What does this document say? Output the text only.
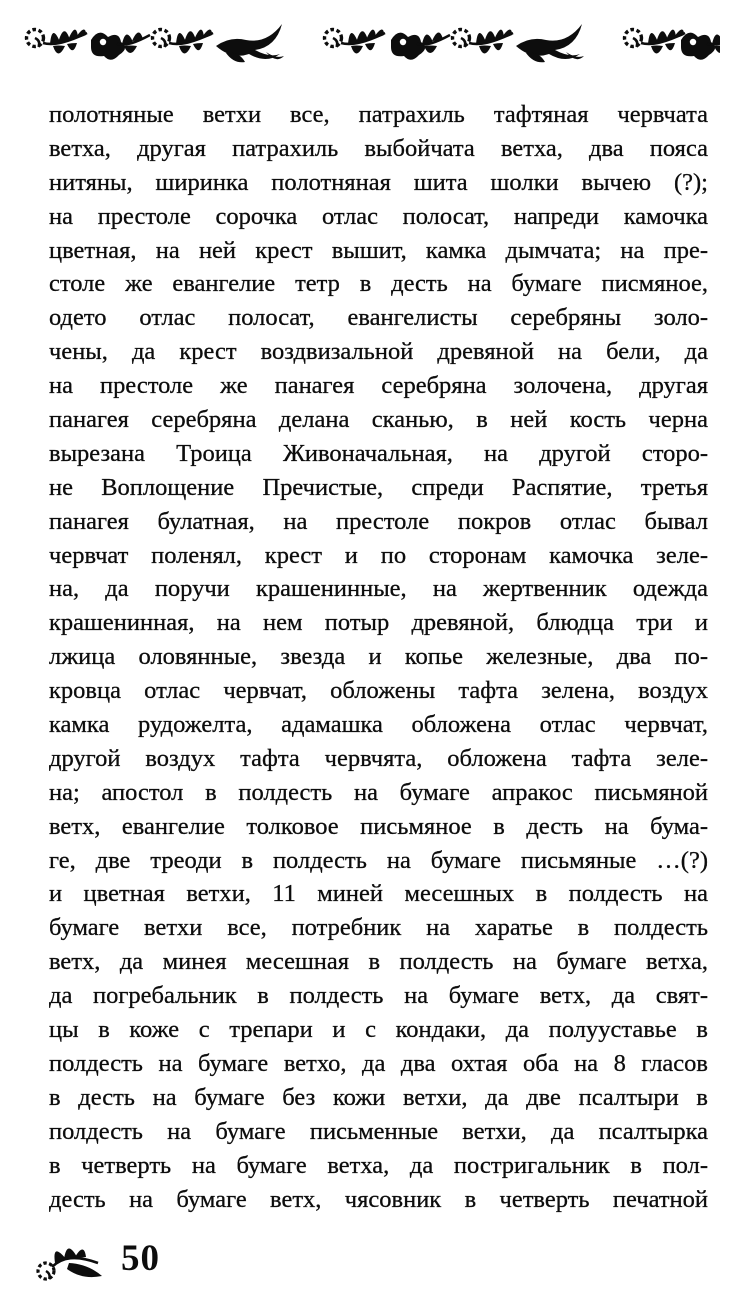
полотняные ветхи все, патрахиль тафтяная червчата
ветха, другая патрахиль выбойчата ветха, два пояса
нитяны, ширинка полотняная шита шолки вычею (?);
на престоле сорочка отлас полосат, напреди камочка
цветная, на ней крест вышит, камка дымчата; на пре-
столе же евангелие тетр в десть на бумаге писмяное,
одето отлас полосат, евангелисты серебряны золо-
чены, да крест воздвизальной древяной на бели, да
на престоле же панагея серебряна золочена, другая
панагея серебряна делана сканью, в ней кость черна
вырезана Троица Живоначальная, на другой сторо-
не Воплощение Пречистые, спреди Распятие, третья
панагея булатная, на престоле покров отлас бывал
червчат поленял, крест и по сторонам камочка зеле-
на, да поручи крашенинные, на жертвенник одежда
крашенинная, на нем потыр древяной, блюдца три и
лжица оловянные, звезда и копье железные, два по-
кровца отлас червчат, обложены тафта зелена, воздух
камка рудожелта, адамашка обложена отлас червчат,
другой воздух тафта червчята, обложена тафта зеле-
на; апостол в полдесть на бумаге апракос письмяной
ветх, евангелие толковое письмяное в десть на бума-
ге, две треоди в полдесть на бумаге письмяные …(?)
и цветная ветхи, 11 миней месешных в полдесть на
бумаге ветхи все, потребник на харатье в полдесть
ветх, да минея месешная в полдесть на бумаге ветха,
да погребальник в полдесть на бумаге ветх, да свят-
цы в коже с трепари и с кондаки, да полууставье в
полдесть на бумаге ветхо, да два охтая оба на 8 гласов
в десть на бумаге без кожи ветхи, да две псалтыри в
полдесть на бумаге письменные ветхи, да псалтырка
в четверть на бумаге ветха, да постригальник в пол-
десть на бумаге ветх, чясовник в четверть печатной
50
